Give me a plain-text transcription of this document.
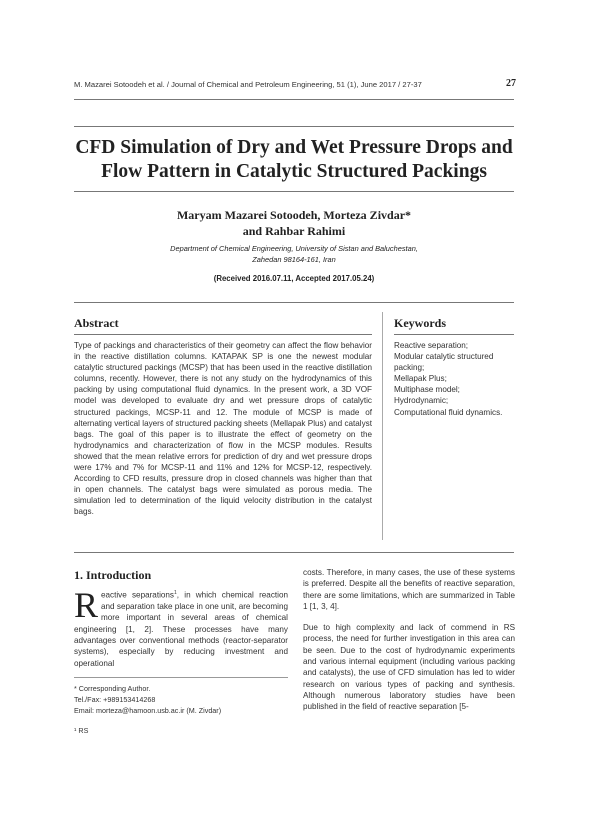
M. Mazarei Sotoodeh et al. / Journal of Chemical and Petroleum Engineering, 51 (1), June 2017 / 27-37	27
CFD Simulation of Dry and Wet Pressure Drops and Flow Pattern in Catalytic Structured Packings
Maryam Mazarei Sotoodeh, Morteza Zivdar*
and Rahbar Rahimi
Department of Chemical Engineering, University of Sistan and Baluchestan,
Zahedan 98164-161, Iran
(Received 2016.07.11, Accepted 2017.05.24)
Abstract

Type of packings and characteristics of their geometry can affect the flow behavior in the reactive distillation columns. KATAPAK SP is one the newest modular catalytic structured packings (MCSP) that has been used in the reactive distillation columns, recently. However, there is not any study on the hydrodynamics of this packing by using computational fluid dynamics. In the present work, a 3D VOF model was developed to evaluate dry and wet pressure drops of catalytic structured packings, MCSP-11 and 12. The module of MCSP is made of alternating vertical layers of structured packing sheets (Mellapak Plus) and catalyst bags. The goal of this paper is to illustrate the effect of geometry on the hydrodynamics and characterization of flow in the MCSP modules. Results showed that the mean relative errors for prediction of dry and wet pressure drops were 17% and 7% for MCSP-11 and 11% and 12% for MCSP-12, respectively. According to CFD results, pressure drop in closed channels was higher than that in open channels. The catalyst bags were simulated as porous media. The simulation led to determination of the liquid velocity distribution in the catalyst bags.

Keywords
Reactive separation;
Modular catalytic structured packing;
Mellapak Plus;
Multiphase model;
Hydrodynamic;
Computational fluid dynamics.
1. Introduction

Reactive separations$^1$, in which chemical reaction and separation take place in one unit, are becoming more important in several areas of chemical engineering [1, 2]. These processes have many advantages over conventional methods (reactor-separator systems), especially by reducing investment and operational

costs. Therefore, in many cases, the use of these systems is preferred. Despite all the benefits of reactive separation, there are some limitations, which are summarized in Table 1 [1, 3, 4].

Due to high complexity and lack of commend in RS process, the need for further investigation in this area can be seen. Due to the cost of hydrodynamic experiments and various internal equipment (including various packing and catalysts), the use of CFD simulation has led to wider research on various types of packing and synthesis. Although numerous laboratory studies have been published in the field of reactive separation [5-

* Corresponding Author.
Tel./Fax: +989153414268
Email: morteza@hamoon.usb.ac.ir (M. Zivdar)
¹ RS
